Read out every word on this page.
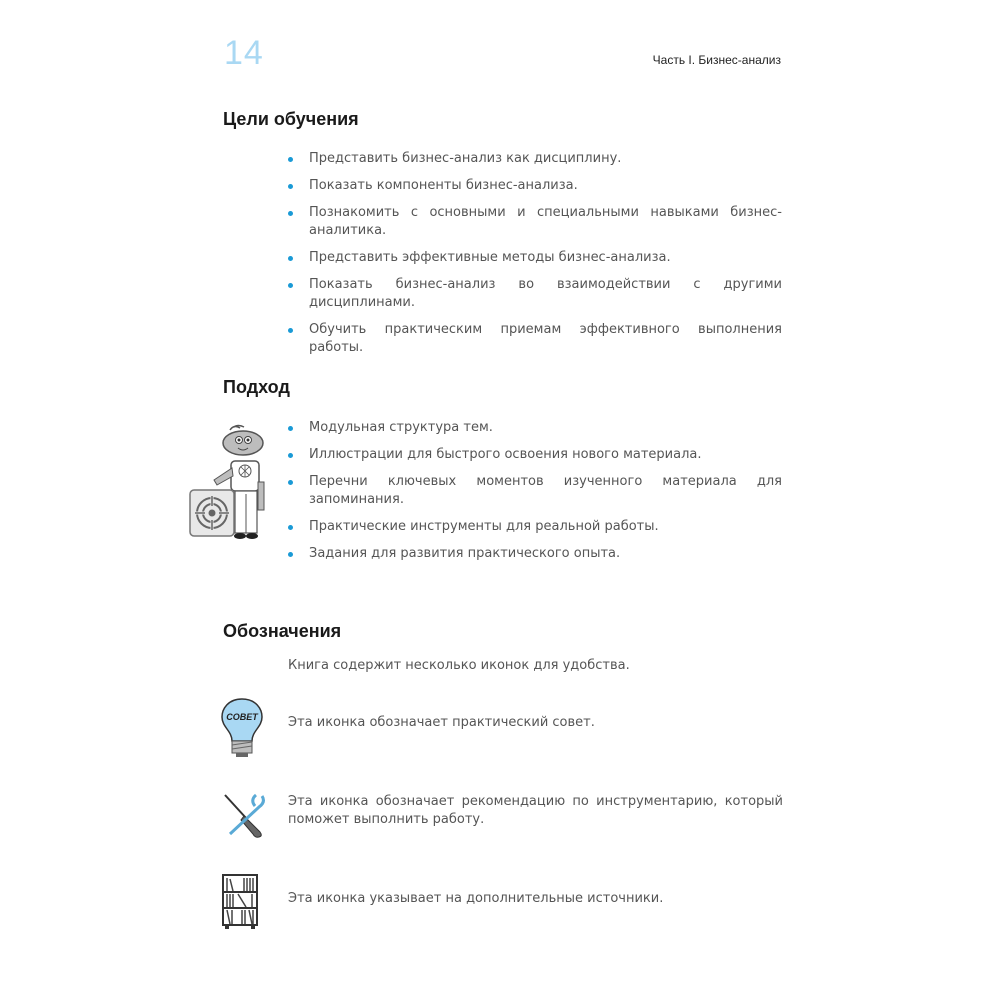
14	Часть I. Бизнес-анализ
Цели обучения
Представить бизнес-анализ как дисциплину.
Показать компоненты бизнес-анализа.
Познакомить с основными и специальными навыками бизнес-аналитика.
Представить эффективные методы бизнес-анализа.
Показать бизнес-анализ во взаимодействии с другими дисциплинами.
Обучить практическим приемам эффективного выполнения работы.
Подход
Модульная структура тем.
Иллюстрации для быстрого освоения нового материала.
Перечни ключевых моментов изученного материала для запоминания.
Практические инструменты для реальной работы.
Задания для развития практического опыта.
Обозначения
Книга содержит несколько иконок для удобства.
СОВЕТ Эта иконка обозначает практический совет.
Эта иконка обозначает рекомендацию по инструментарию, который поможет выполнить работу.
Эта иконка указывает на дополнительные источники.
